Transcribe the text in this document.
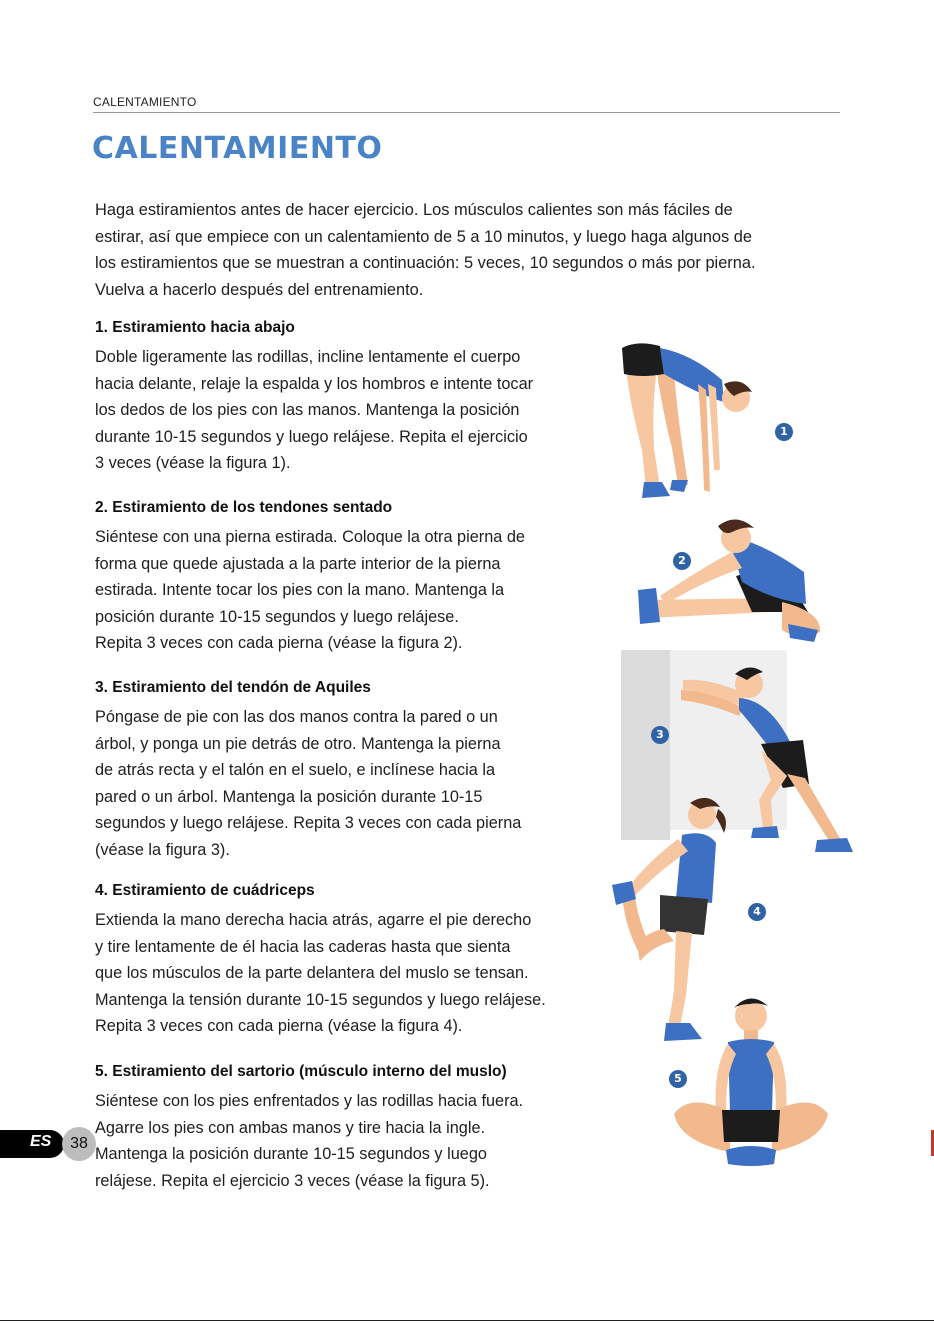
CALENTAMIENTO
CALENTAMIENTO

Haga estiramientos antes de hacer ejercicio. Los músculos calientes son más fáciles de
estirar, así que empiece con un calentamiento de 5 a 10 minutos, y luego haga algunos de
los estiramientos que se muestran a continuación: 5 veces, 10 segundos o más por pierna.
Vuelva a hacerlo después del entrenamiento.

1. Estiramiento hacia abajo

Doble ligeramente las rodillas, incline lentamente el cuerpo
hacia delante, relaje la espalda y los hombros e intente tocar
los dedos de los pies con las manos. Mantenga la posición
durante 10-15 segundos y luego relájese. Repita el ejercicio
3 veces (véase la figura 1).

2. Estiramiento de los tendones sentado

Siéntese con una pierna estirada. Coloque la otra pierna de
forma que quede ajustada a la parte interior de la pierna
estirada. Intente tocar los pies con la mano. Mantenga la
posición durante 10-15 segundos y luego relájese.
Repita 3 veces con cada pierna (véase la figura 2).

3. Estiramiento del tendón de Aquiles

Póngase de pie con las dos manos contra la pared o un
árbol, y ponga un pie detrás de otro. Mantenga la pierna
de atrás recta y el talón en el suelo, e inclínese hacia la
pared o un árbol. Mantenga la posición durante 10-15
segundos y luego relájese. Repita 3 veces con cada pierna
(véase la figura 3).

4. Estiramiento de cuádriceps

Extienda la mano derecha hacia atrás, agarre el pie derecho
y tire lentamente de él hacia las caderas hasta que sienta
que los músculos de la parte delantera del muslo se tensan.
Mantenga la tensión durante 10-15 segundos y luego relájese.
Repita 3 veces con cada pierna (véase la figura 4).

5. Estiramiento del sartorio (músculo interno del muslo)

Siéntese con los pies enfrentados y las rodillas hacia fuera.
Agarre los pies con ambas manos y tire hacia la ingle.
Mantenga la posición durante 10-15 segundos y luego
relájese. Repita el ejercicio 3 veces (véase la figura 5).

1
2
3
4
5
ES	38
